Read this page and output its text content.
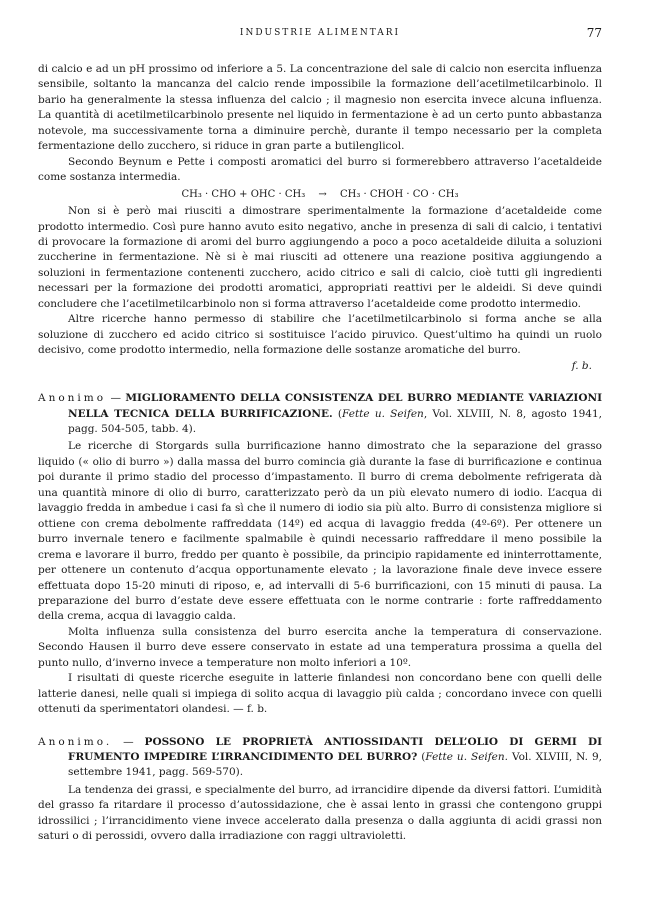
INDUSTRIE ALIMENTARI	77

di calcio e ad un pH prossimo od inferiore a 5. La concentrazione del sale di calcio non esercita influenza sensibile, soltanto la mancanza del calcio rende impossibile la formazione dell’acetilmetilcarbinolo. Il bario ha generalmente la stessa influenza del calcio ; il magnesio non esercita invece alcuna influenza. La quantità di acetilmetilcarbinolo presente nel liquido in fermentazione è ad un certo punto abbastanza notevole, ma successivamente torna a diminuire perchè, durante il tempo necessario per la completa fermentazione dello zucchero, si riduce in gran parte a butilenglicol.

Secondo Beynum e Pette i composti aromatici del burro si formerebbero attraverso l’acetaldeide come sostanza intermedia.

CH₃ · CHO + OHC · CH₃ → CH₃ · CHOH · CO · CH₃

Non si è però mai riusciti a dimostrare sperimentalmente la formazione d’acetaldeide come prodotto intermedio. Così pure hanno avuto esito negativo, anche in presenza di sali di calcio, i tentativi di provocare la formazione di aromi del burro aggiungendo a poco a poco acetaldeide diluita a soluzioni zuccherine in fermentazione. Nè si è mai riusciti ad ottenere una reazione positiva aggiungendo a soluzioni in fermentazione contenenti zucchero, acido citrico e sali di calcio, cioè tutti gli ingredienti necessari per la formazione dei prodotti aromatici, appropriati reattivi per le aldeidi. Si deve quindi concludere che l’acetilmetilcarbinolo non si forma attraverso l’acetaldeide come prodotto intermedio.

Altre ricerche hanno permesso di stabilire che l’acetilmetilcarbinolo si forma anche se alla soluzione di zucchero ed acido citrico si sostituisce l’acido piruvico. Quest’ultimo ha quindi un ruolo decisivo, come prodotto intermedio, nella formazione delle sostanze aromatiche del burro.

f. b.

Anonimo — MIGLIORAMENTO DELLA CONSISTENZA DEL BURRO MEDIANTE VARIAZIONI NELLA TECNICA DELLA BURRIFICAZIONE. (Fette u. Seifen, Vol. XLVIII, N. 8, agosto 1941, pagg. 504-505, tabb. 4).

Le ricerche di Storgards sulla burrificazione hanno dimostrato che la separazione del grasso liquido (« olio di burro ») dalla massa del burro comincia già durante la fase di burrificazione e continua poi durante il primo stadio del processo d’impastamento. Il burro di crema debolmente refrigerata dà una quantità minore di olio di burro, caratterizzato però da un più elevato numero di iodio. L’acqua di lavaggio fredda in ambedue i casi fa sì che il numero di iodio sia più alto. Burro di consistenza migliore si ottiene con crema debolmente raffreddata (14º) ed acqua di lavaggio fredda (4º-6º). Per ottenere un burro invernale tenero e facilmente spalmabile è quindi necessario raffreddare il meno possibile la crema e lavorare il burro, freddo per quanto è possibile, da principio rapidamente ed ininterrottamente, per ottenere un contenuto d’acqua opportunamente elevato ; la lavorazione finale deve invece essere effettuata dopo 15-20 minuti di riposo, e, ad intervalli di 5-6 burrificazioni, con 15 minuti di pausa. La preparazione del burro d’estate deve essere effettuata con le norme contrarie : forte raffreddamento della crema, acqua di lavaggio calda.

Molta influenza sulla consistenza del burro esercita anche la temperatura di conservazione. Secondo Hausen il burro deve essere conservato in estate ad una temperatura prossima a quella del punto nullo, d’inverno invece a temperature non molto inferiori a 10º.

I risultati di queste ricerche eseguite in latterie finlandesi non concordano bene con quelli delle latterie danesi, nelle quali si impiega di solito acqua di lavaggio più calda ; concordano invece con quelli ottenuti da sperimentatori olandesi. — f. b.

Anonimo. — POSSONO LE PROPRIETÀ ANTIOSSIDANTI DELL’OLIO DI GERMI DI FRUMENTO IMPEDIRE L’IRRANCIDIMENTO DEL BURRO? (Fette u. Seifen. Vol. XLVIII, N. 9, settembre 1941, pagg. 569-570).

La tendenza dei grassi, e specialmente del burro, ad irrancidire dipende da diversi fattori. L’umidità del grasso fa ritardare il processo d’autossidazione, che è assai lento in grassi che contengono gruppi idrossilici ; l’irrancidimento viene invece accelerato dalla presenza o dalla aggiunta di acidi grassi non saturi o di perossidi, ovvero dalla irradiazione con raggi ultravioletti.
